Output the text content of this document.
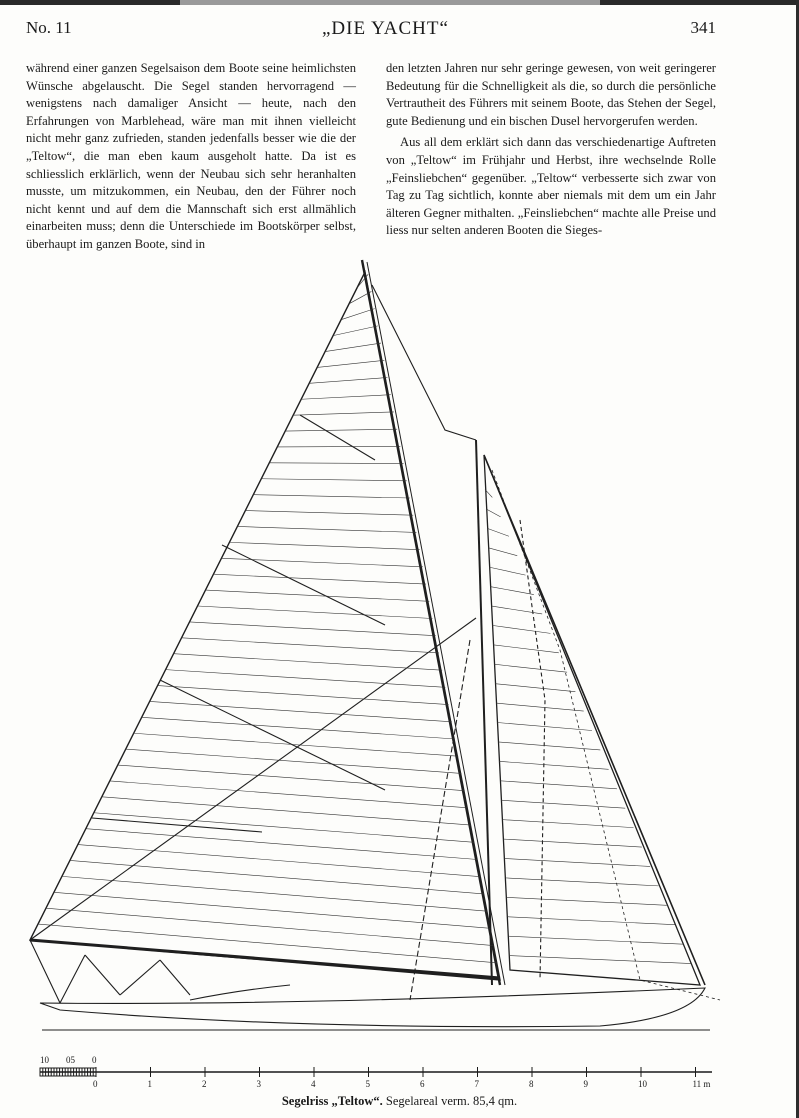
No. 11	„DIE YACHT“	341

während einer ganzen Segelsaison dem Boote seine heimlichsten Wünsche abgelauscht. Die Segel standen hervorragend — wenigstens nach damaliger Ansicht — heute, nach den Erfahrungen von Marblehead, wäre man mit ihnen vielleicht nicht mehr ganz zufrieden, standen jedenfalls besser wie die der „Teltow“, die man eben kaum ausgeholt hatte. Da ist es schliesslich erklärlich, wenn der Neubau sich sehr heranhalten musste, um mitzukommen, ein Neubau, den der Führer noch nicht kennt und auf dem die Mannschaft sich erst allmählich einarbeiten muss; denn die Unterschiede im Bootskörper selbst, überhaupt im ganzen Boote, sind in

den letzten Jahren nur sehr geringe gewesen, von weit geringerer Bedeutung für die Schnelligkeit als die, so durch die persönliche Vertrautheit des Führers mit seinem Boote, das Stehen der Segel, gute Bedienung und ein bischen Dusel hervorgerufen werden.

Aus all dem erklärt sich dann das verschiedenartige Auftreten von „Teltow“ im Frühjahr und Herbst, ihre wechselnde Rolle „Feinsliebchen“ gegenüber. „Teltow“ verbesserte sich zwar von Tag zu Tag sichtlich, konnte aber niemals mit dem um ein Jahr älteren Gegner mithalten. „Feinsliebchen“ machte alle Preise und liess nur selten anderen Booten die Sieges-

0	1	2	3	4	5	6	7	8	9	10	11 m
10 05 0
Segelriss „Teltow“. Segelareal verm. 85,4 qm.
